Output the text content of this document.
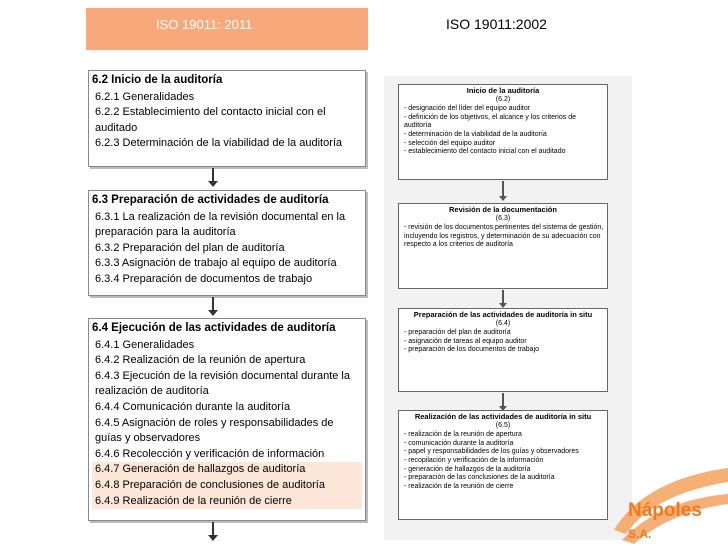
ISO 19011: 2011	ISO 19011:2002
6.2 Inicio de la auditoría
6.2.1 Generalidades
6.2.2 Establecimiento del contacto inicial con el auditado
6.2.3 Determinación de la viabilidad de la auditoría
6.3 Preparación de actividades de auditoría
6.3.1 La realización de la revisión documental en la preparación para la auditoría
6.3.2 Preparación del plan de auditoría
6.3.3 Asignación de trabajo al equipo de auditoría
6.3.4 Preparación de documentos de trabajo
6.4 Ejecución de las actividades de auditoría
6.4.1 Generalidades
6.4.2 Realización de la reunión de apertura
6.4.3 Ejecución de la revisión documental durante la realización de auditoría
6.4.4 Comunicación durante la auditoría
6.4.5 Asignación de roles y responsabilidades de guías y observadores
6.4.6 Recolección y verificación de información
6.4.7 Generación de hallazgos de auditoría
6.4.8 Preparación de conclusiones de auditoría
6.4.9 Realización de la reunión de cierre
Inicio de la auditoría
(6.2)
- designación del líder del equipo auditor
- definición de los objetivos, el alcance y los criterios de auditoría
- determinación de la viabilidad de la auditoría
- selección del equipo auditor
- establecimiento del contacto inicial con el auditado
Revisión de la documentación
(6.3)
- revisión de los documentos pertinentes del sistema de gestión, incluyendo los registros, y determinación de su adecuación con respecto a los criterios de auditoría
Preparación de las actividades de auditoría in situ
(6.4)
- preparación del plan de auditoría
- asignación de tareas al equipo auditor
- preparación de los documentos de trabajo
Realización de las actividades de auditoría in situ
(6.5)
- realización de la reunión de apertura
- comunicación durante la auditoría
- papel y responsabilidades de los guías y observadores
- recopilación y verificación de la información
- generación de hallazgos de la auditoría
- preparación de las conclusiones de la auditoría
- realización de la reunión de cierre
Nápoles S.A.
